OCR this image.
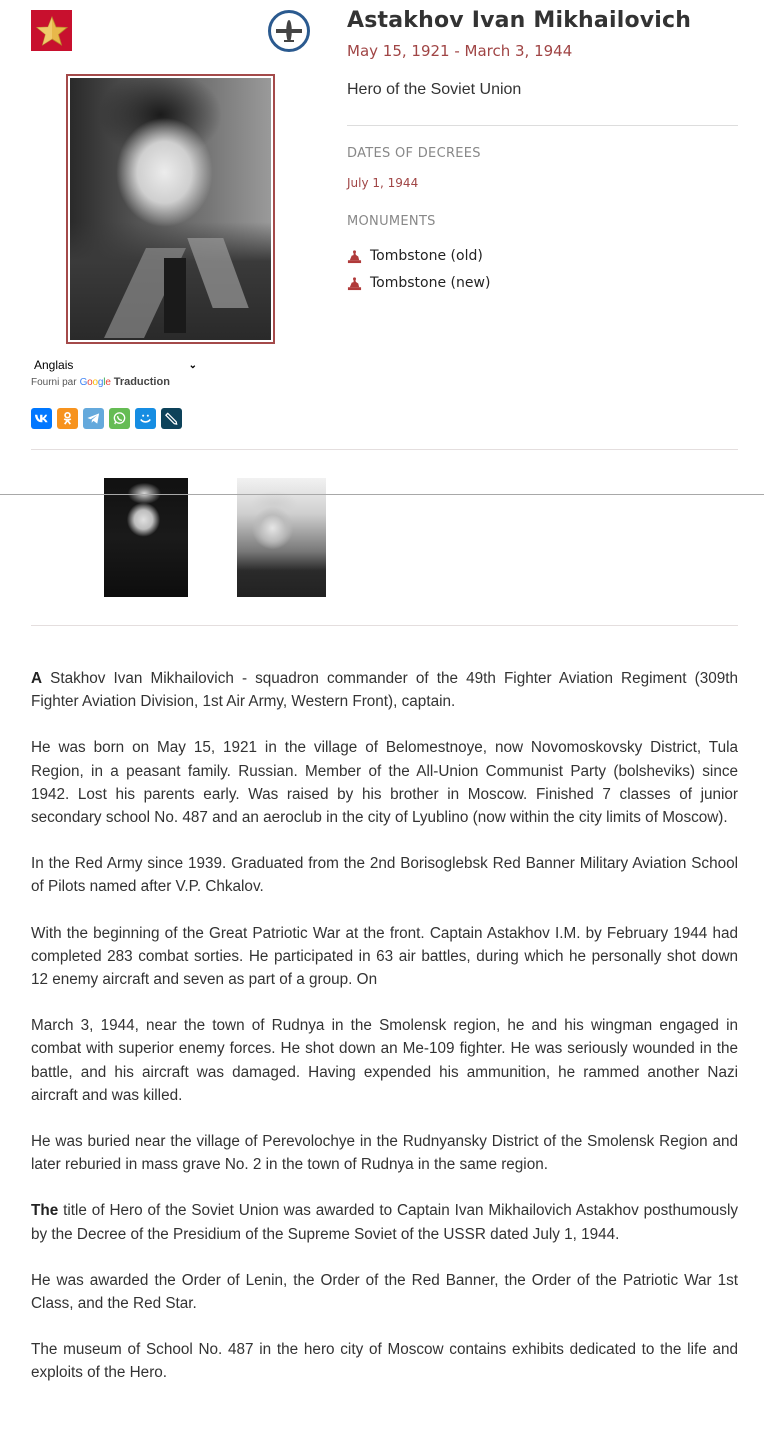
Astakhov Ivan Mikhailovich
May 15, 1921 - March 3, 1944
Hero of the Soviet Union
DATES OF DECREES
July 1, 1944
MONUMENTS
Tombstone (old)
Tombstone (new)
Anglais	⌄
Fourni par Google Traduction

A Stakhov Ivan Mikhailovich - squadron commander of the 49th Fighter Aviation Regiment (309th Fighter Aviation Division, 1st Air Army, Western Front), captain.

He was born on May 15, 1921 in the village of Belomestnoye, now Novomoskovsky District, Tula Region, in a peasant family. Russian. Member of the All-Union Communist Party (bolsheviks) since 1942. Lost his parents early. Was raised by his brother in Moscow. Finished 7 classes of junior secondary school No. 487 and an aeroclub in the city of Lyublino (now within the city limits of Moscow).

In the Red Army since 1939. Graduated from the 2nd Borisoglebsk Red Banner Military Aviation School of Pilots named after V.P. Chkalov.

With the beginning of the Great Patriotic War at the front. Captain Astakhov I.M. by February 1944 had completed 283 combat sorties. He participated in 63 air battles, during which he personally shot down 12 enemy aircraft and seven as part of a group. On

March 3, 1944, near the town of Rudnya in the Smolensk region, he and his wingman engaged in combat with superior enemy forces. He shot down an Me-109 fighter. He was seriously wounded in the battle, and his aircraft was damaged. Having expended his ammunition, he rammed another Nazi aircraft and was killed.

He was buried near the village of Perevolochye in the Rudnyansky District of the Smolensk Region and later reburied in mass grave No. 2 in the town of Rudnya in the same region.

The title of Hero of the Soviet Union was awarded to Captain Ivan Mikhailovich Astakhov posthumously by the Decree of the Presidium of the Supreme Soviet of the USSR dated July 1, 1944.

He was awarded the Order of Lenin, the Order of the Red Banner, the Order of the Patriotic War 1st Class, and the Red Star.

The museum of School No. 487 in the hero city of Moscow contains exhibits dedicated to the life and exploits of the Hero.
